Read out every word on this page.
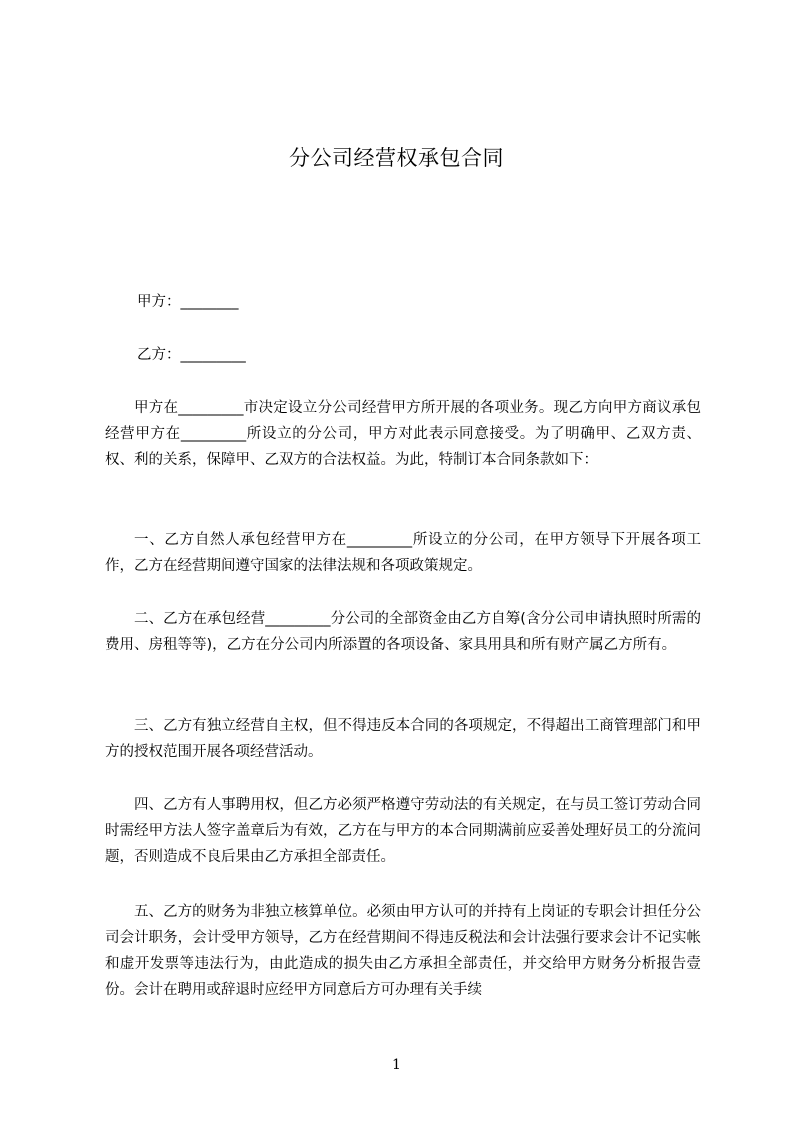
分公司经营权承包合同
甲方：________
乙方：_________

甲方在_________市决定设立分公司经营甲方所开展的各项业务。现乙方向甲方商议承包经营甲方在_________所设立的分公司，甲方对此表示同意接受。为了明确甲、乙双方责、权、利的关系，保障甲、乙双方的合法权益。为此，特制订本合同条款如下：

一、乙方自然人承包经营甲方在_________所设立的分公司，在甲方领导下开展各项工作，乙方在经营期间遵守国家的法律法规和各项政策规定。

二、乙方在承包经营_________分公司的全部资金由乙方自筹(含分公司申请执照时所需的费用、房租等等)，乙方在分公司内所添置的各项设备、家具用具和所有财产属乙方所有。

三、乙方有独立经营自主权，但不得违反本合同的各项规定，不得超出工商管理部门和甲方的授权范围开展各项经营活动。

四、乙方有人事聘用权，但乙方必须严格遵守劳动法的有关规定，在与员工签订劳动合同时需经甲方法人签字盖章后为有效，乙方在与甲方的本合同期满前应妥善处理好员工的分流问题，否则造成不良后果由乙方承担全部责任。

五、乙方的财务为非独立核算单位。必须由甲方认可的并持有上岗证的专职会计担任分公司会计职务，会计受甲方领导，乙方在经营期间不得违反税法和会计法强行要求会计不记实帐和虚开发票等违法行为，由此造成的损失由乙方承担全部责任，并交给甲方财务分析报告壹份。会计在聘用或辞退时应经甲方同意后方可办理有关手续

1
